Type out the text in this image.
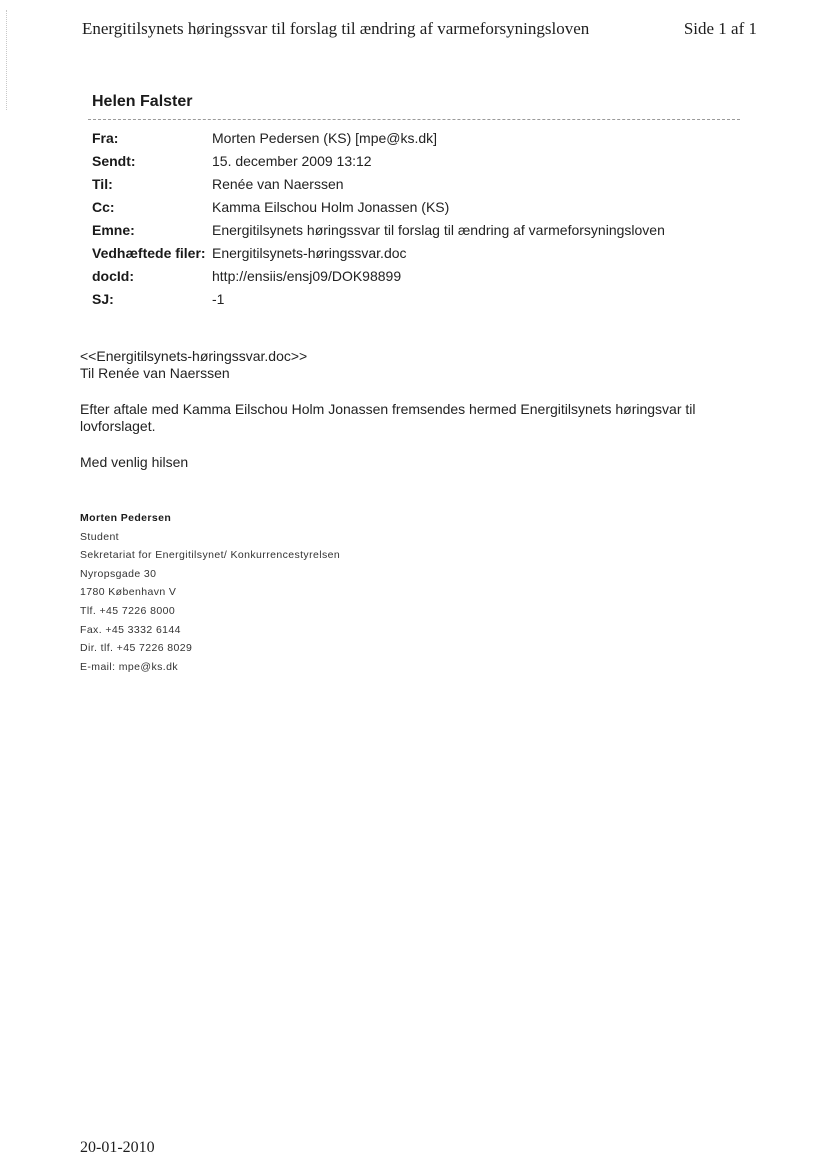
Energitilsynets høringssvar til forslag til ændring af varmeforsyningsloven	Side 1 af 1
Helen Falster
Fra:	Morten Pedersen (KS) [mpe@ks.dk]
Sendt:	15. december 2009 13:12
Til:	Renée van Naerssen
Cc:	Kamma Eilschou Holm Jonassen (KS)
Emne:	Energitilsynets høringssvar til forslag til ændring af varmeforsyningsloven
Vedhæftede filer:	Energitilsynets-høringssvar.doc
docId:	http://ensiis/ensj09/DOK98899
SJ:	-1

<<Energitilsynets-høringssvar.doc>>

Til Renée van Naerssen

Efter aftale med Kamma Eilschou Holm Jonassen fremsendes hermed Energitilsynets høringsvar til lovforslaget.

Med venlig hilsen

Morten Pedersen
Student
Sekretariat for Energitilsynet/ Konkurrencestyrelsen
Nyropsgade 30
1780 København V
Tlf. +45 7226 8000
Fax. +45 3332 6144
Dir. tlf. +45 7226 8029
E-mail: mpe@ks.dk
20-01-2010
